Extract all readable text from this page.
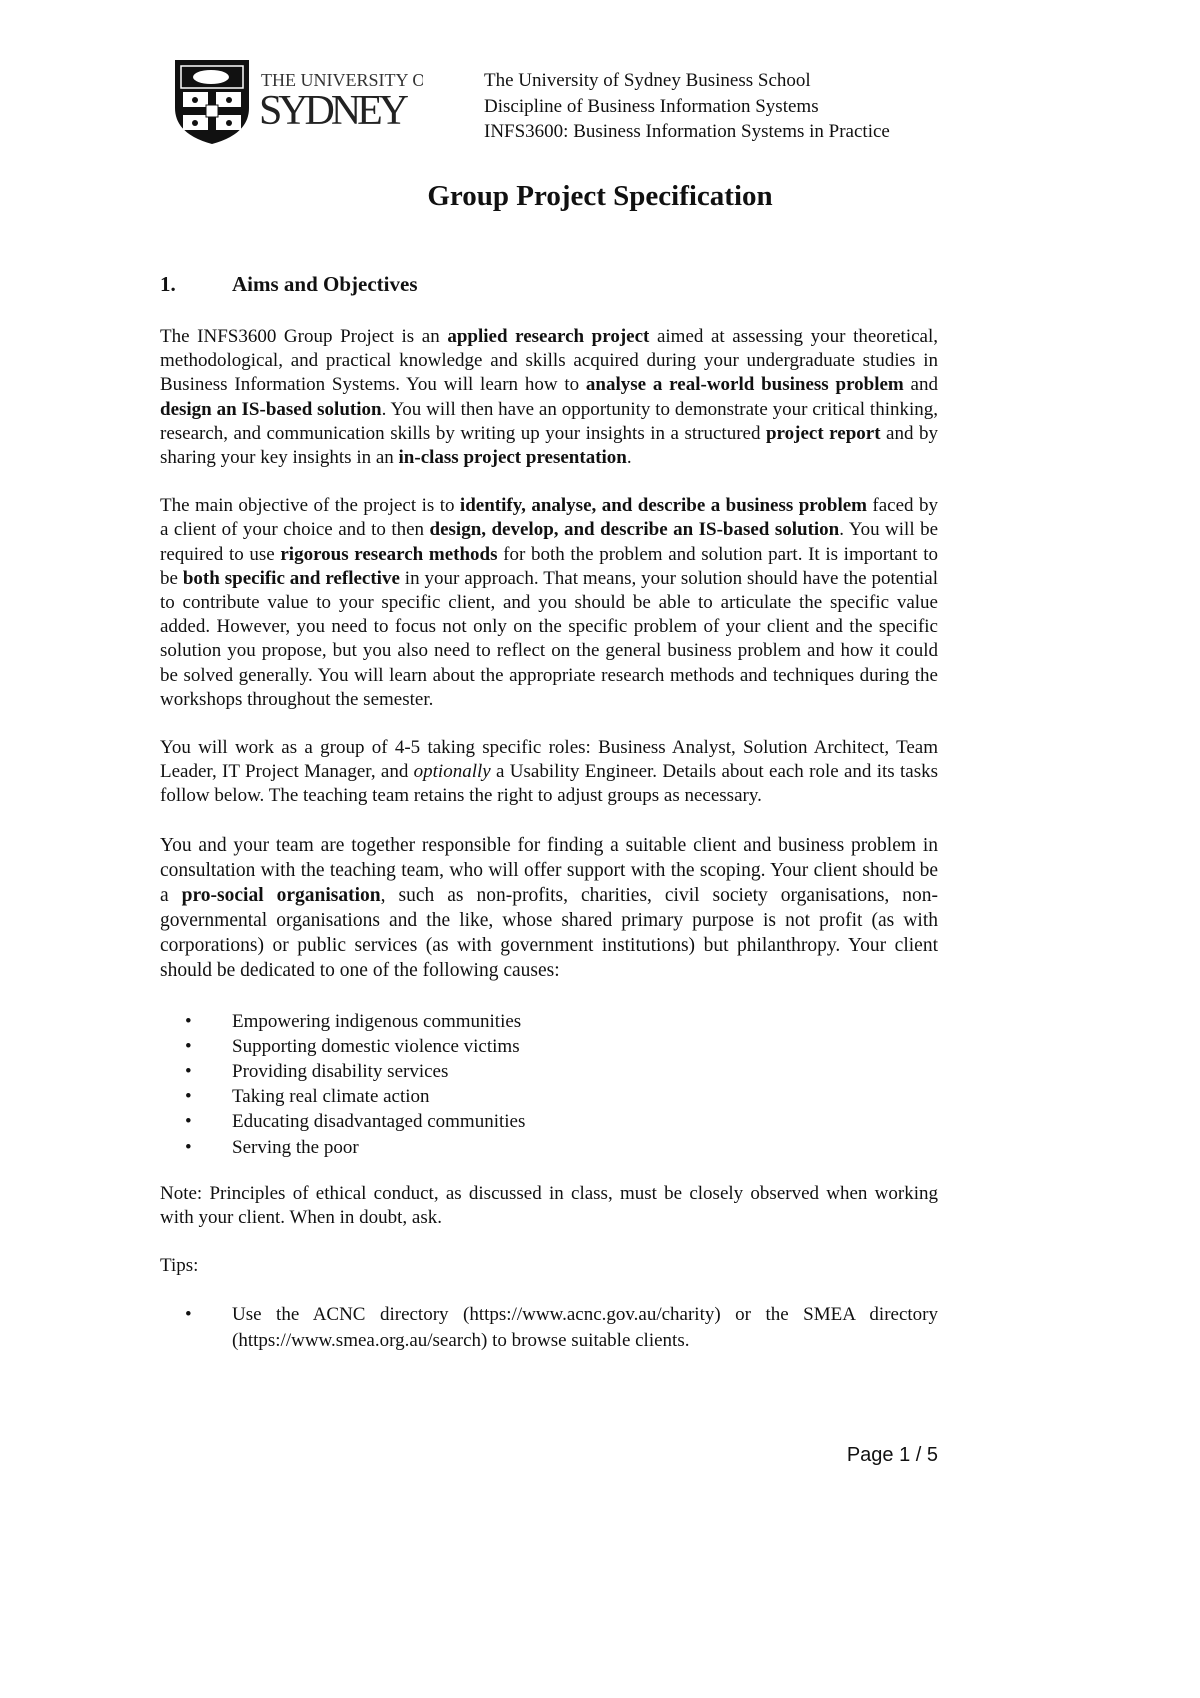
THE UNIVERSITY OF
SYDNEY
The University of Sydney Business School
Discipline of Business Information Systems
INFS3600: Business Information Systems in Practice
Group Project Specification
1.	Aims and Objectives

The INFS3600 Group Project is an applied research project aimed at assessing your theoretical, methodological, and practical knowledge and skills acquired during your undergraduate studies in Business Information Systems. You will learn how to analyse a real-world business problem and design an IS-based solution. You will then have an opportunity to demonstrate your critical thinking, research, and communication skills by writing up your insights in a structured project report and by sharing your key insights in an in-class project presentation.

The main objective of the project is to identify, analyse, and describe a business problem faced by a client of your choice and to then design, develop, and describe an IS-based solution. You will be required to use rigorous research methods for both the problem and solution part. It is important to be both specific and reflective in your approach. That means, your solution should have the potential to contribute value to your specific client, and you should be able to articulate the specific value added. However, you need to focus not only on the specific problem of your client and the specific solution you propose, but you also need to reflect on the general business problem and how it could be solved generally. You will learn about the appropriate research methods and techniques during the workshops throughout the semester.

You will work as a group of 4-5 taking specific roles: Business Analyst, Solution Architect, Team Leader, IT Project Manager, and optionally a Usability Engineer. Details about each role and its tasks follow below. The teaching team retains the right to adjust groups as necessary.

You and your team are together responsible for finding a suitable client and business problem in consultation with the teaching team, who will offer support with the scoping. Your client should be a pro-social organisation, such as non-profits, charities, civil society organisations, non-governmental organisations and the like, whose shared primary purpose is not profit (as with corporations) or public services (as with government institutions) but philanthropy. Your client should be dedicated to one of the following causes:

• Empowering indigenous communities
• Supporting domestic violence victims
• Providing disability services
• Taking real climate action
• Educating disadvantaged communities
• Serving the poor

Note: Principles of ethical conduct, as discussed in class, must be closely observed when working with your client. When in doubt, ask.

Tips:

• Use the ACNC directory (https://www.acnc.gov.au/charity) or the SMEA directory (https://www.smea.org.au/search) to browse suitable clients.
Page 1 / 5
